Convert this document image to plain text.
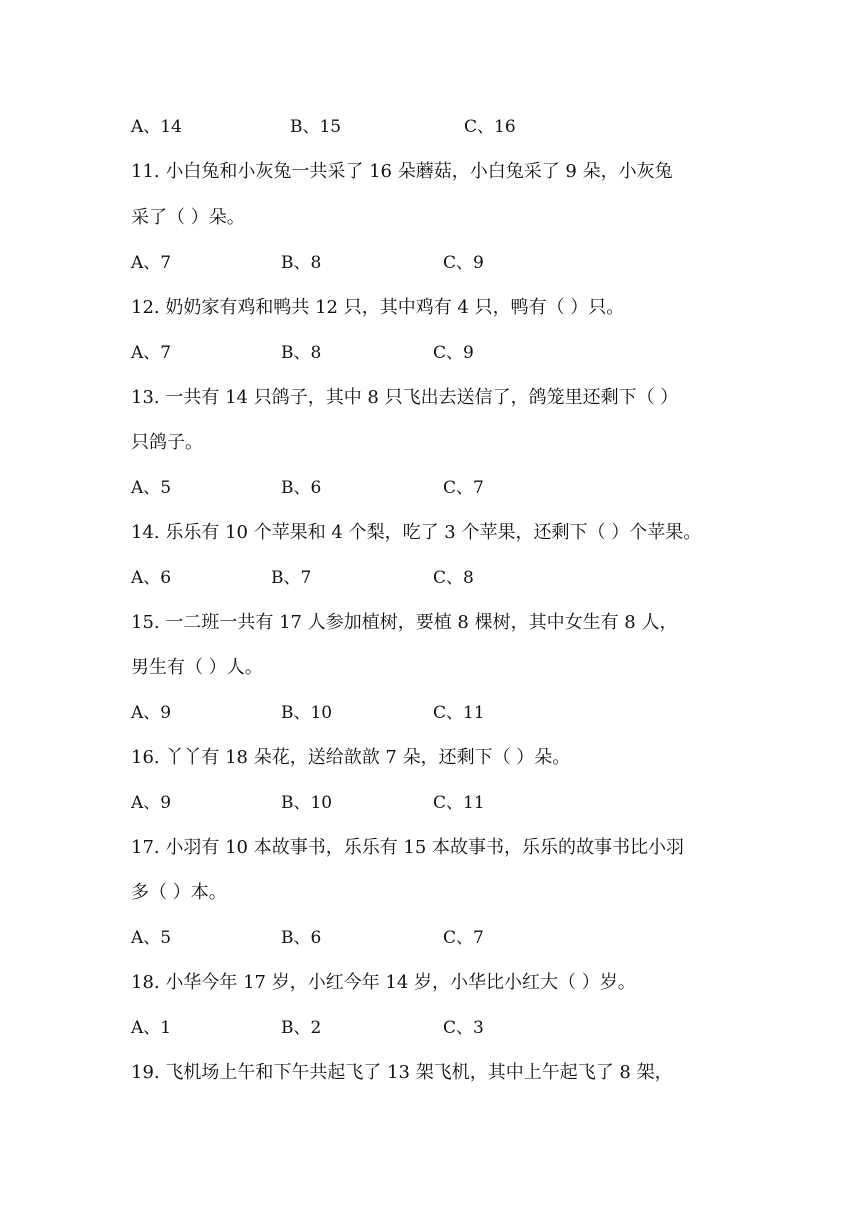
A、14	B、15	C、16
11. 小白兔和小灰兔一共采了 16 朵蘑菇，小白兔采了 9 朵，小灰兔
采了（ ）朵。
A、7	B、8	C、9
12. 奶奶家有鸡和鸭共 12 只，其中鸡有 4 只，鸭有（ ）只。
A、7	B、8	C、9
13. 一共有 14 只鸽子，其中 8 只飞出去送信了，鸽笼里还剩下（ ）
只鸽子。
A、5	B、6	C、7
14. 乐乐有 10 个苹果和 4 个梨，吃了 3 个苹果，还剩下（ ）个苹果。
A、6	B、7	C、8
15. 一二班一共有 17 人参加植树，要植 8 棵树，其中女生有 8 人，
男生有（ ）人。
A、9	B、10	C、11
16. 丫丫有 18 朵花，送给歆歆 7 朵，还剩下（ ）朵。
A、9	B、10	C、11
17. 小羽有 10 本故事书，乐乐有 15 本故事书，乐乐的故事书比小羽
多（ ）本。
A、5	B、6	C、7
18. 小华今年 17 岁，小红今年 14 岁，小华比小红大（ ）岁。
A、1	B、2	C、3
19. 飞机场上午和下午共起飞了 13 架飞机，其中上午起飞了 8 架，
